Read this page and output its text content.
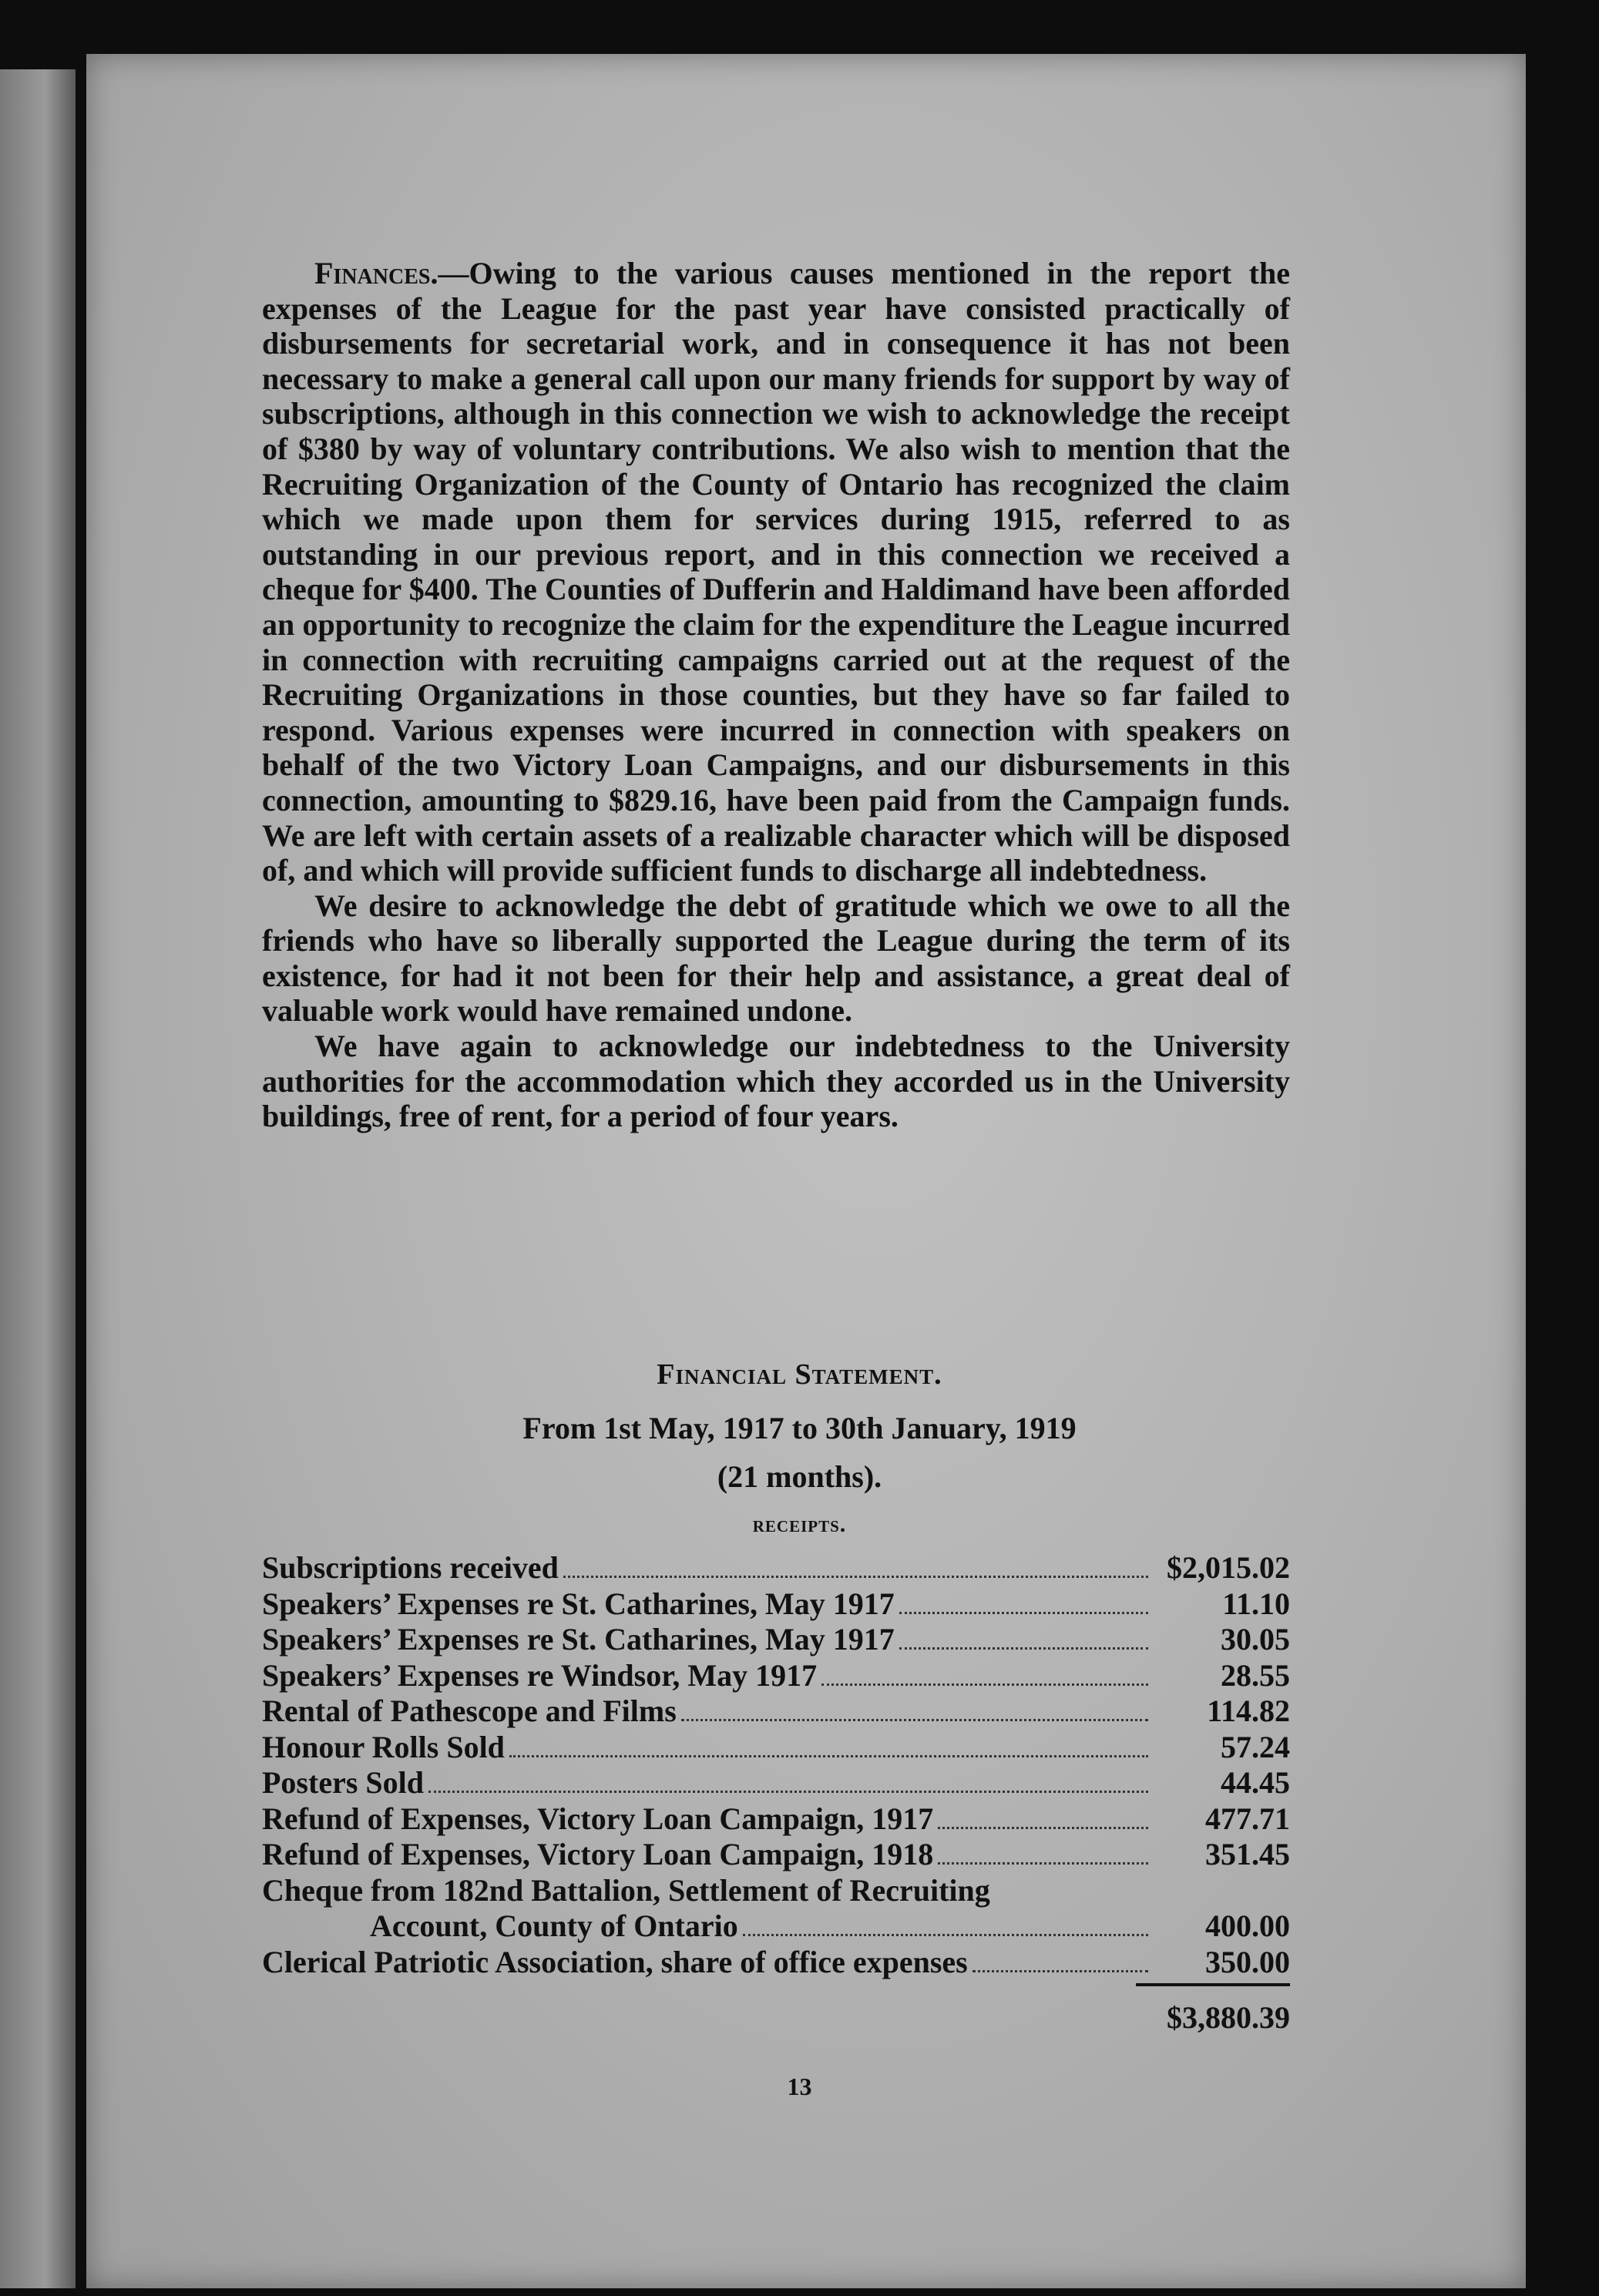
Finances.—Owing to the various causes mentioned in the report the expenses of the League for the past year have consisted practically of disbursements for secretarial work, and in consequence it has not been necessary to make a general call upon our many friends for support by way of subscriptions, although in this connection we wish to acknowledge the receipt of $380 by way of voluntary contributions. We also wish to mention that the Recruiting Organization of the County of Ontario has recognized the claim which we made upon them for services during 1915, referred to as outstanding in our previous report, and in this connection we received a cheque for $400. The Counties of Dufferin and Haldimand have been afforded an opportunity to recognize the claim for the expenditure the League incurred in connection with recruiting campaigns carried out at the request of the Recruiting Organizations in those counties, but they have so far failed to respond. Various expenses were incurred in connection with speakers on behalf of the two Victory Loan Campaigns, and our disbursements in this connection, amounting to $829.16, have been paid from the Campaign funds. We are left with certain assets of a realizable character which will be disposed of, and which will provide sufficient funds to discharge all indebtedness.

We desire to acknowledge the debt of gratitude which we owe to all the friends who have so liberally supported the League during the term of its existence, for had it not been for their help and assistance, a great deal of valuable work would have remained undone.

We have again to acknowledge our indebtedness to the University authorities for the accommodation which they accorded us in the University buildings, free of rent, for a period of four years.

Financial Statement.
From 1st May, 1917 to 30th January, 1919
(21 months).
receipts.
Subscriptions received	$2,015.02
Speakers’ Expenses re St. Catharines, May 1917	11.10
Speakers’ Expenses re St. Catharines, May 1917	30.05
Speakers’ Expenses re Windsor, May 1917	28.55
Rental of Pathescope and Films	114.82
Honour Rolls Sold	57.24
Posters Sold	44.45
Refund of Expenses, Victory Loan Campaign, 1917	477.71
Refund of Expenses, Victory Loan Campaign, 1918	351.45
Cheque from 182nd Battalion, Settlement of Recruiting
Account, County of Ontario	400.00
Clerical Patriotic Association, share of office expenses	350.00
$3,880.39
13
